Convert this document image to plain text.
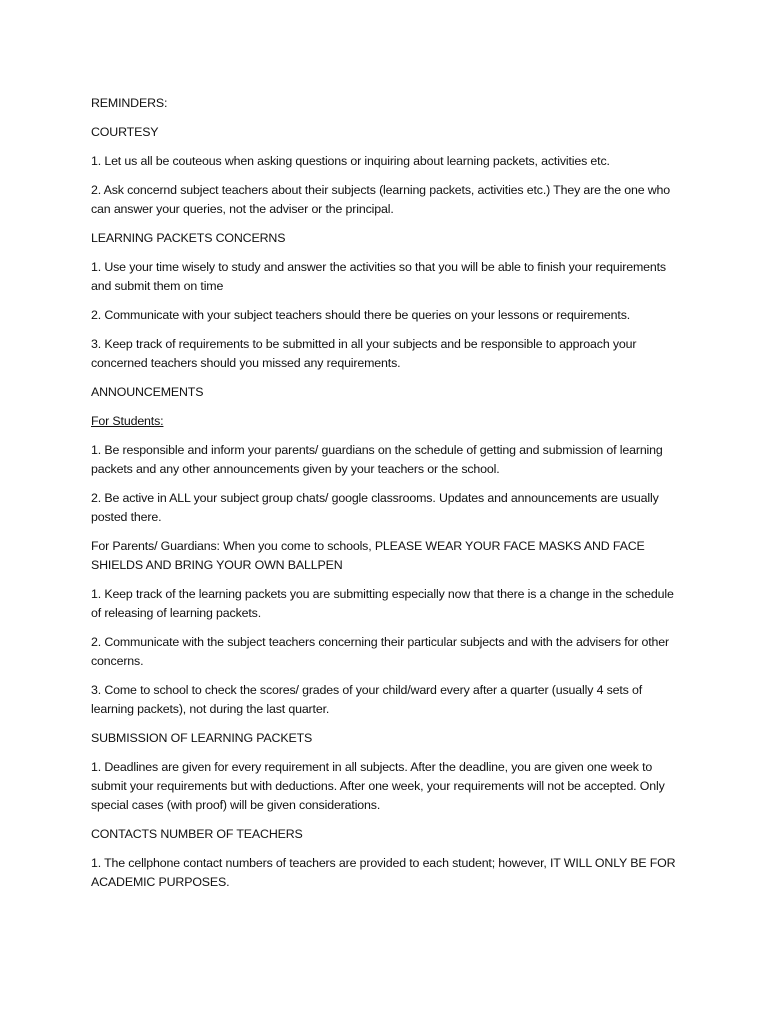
REMINDERS:

COURTESY

1. Let us all be couteous when asking questions or inquiring about learning packets, activities etc.

2. Ask concernd subject teachers about their subjects (learning packets, activities etc.) They are the one who can answer your queries, not the adviser or the principal.

LEARNING PACKETS CONCERNS

1. Use your time wisely to study and answer the activities so that you will be able to finish your requirements and submit them on time

2. Communicate with your subject teachers should there be queries on your lessons or requirements.

3. Keep track of requirements to be submitted in all your subjects and be responsible to approach your concerned teachers should you missed any requirements.

ANNOUNCEMENTS

For Students:

1. Be responsible and inform your parents/ guardians on the schedule of getting and submission of learning packets and any other announcements given by your teachers or the school.

2. Be active in ALL your subject group chats/ google classrooms. Updates and announcements are usually posted there.

For Parents/ Guardians: When you come to schools, PLEASE WEAR YOUR FACE MASKS AND FACE SHIELDS AND BRING YOUR OWN BALLPEN

1. Keep track of the learning packets you are submitting especially now that there is a change in the schedule of releasing of learning packets.

2. Communicate with the subject teachers concerning their particular subjects and with the advisers for other concerns.

3. Come to school to check the scores/ grades of your child/ward every after a quarter (usually 4 sets of learning packets), not during the last quarter.

SUBMISSION OF LEARNING PACKETS

1. Deadlines are given for every requirement in all subjects. After the deadline, you are given one week to submit your requirements but with deductions. After one week, your requirements will not be accepted. Only special cases (with proof) will be given considerations.

CONTACTS NUMBER OF TEACHERS

1. The cellphone contact numbers of teachers are provided to each student; however, IT WILL ONLY BE FOR ACADEMIC PURPOSES.
